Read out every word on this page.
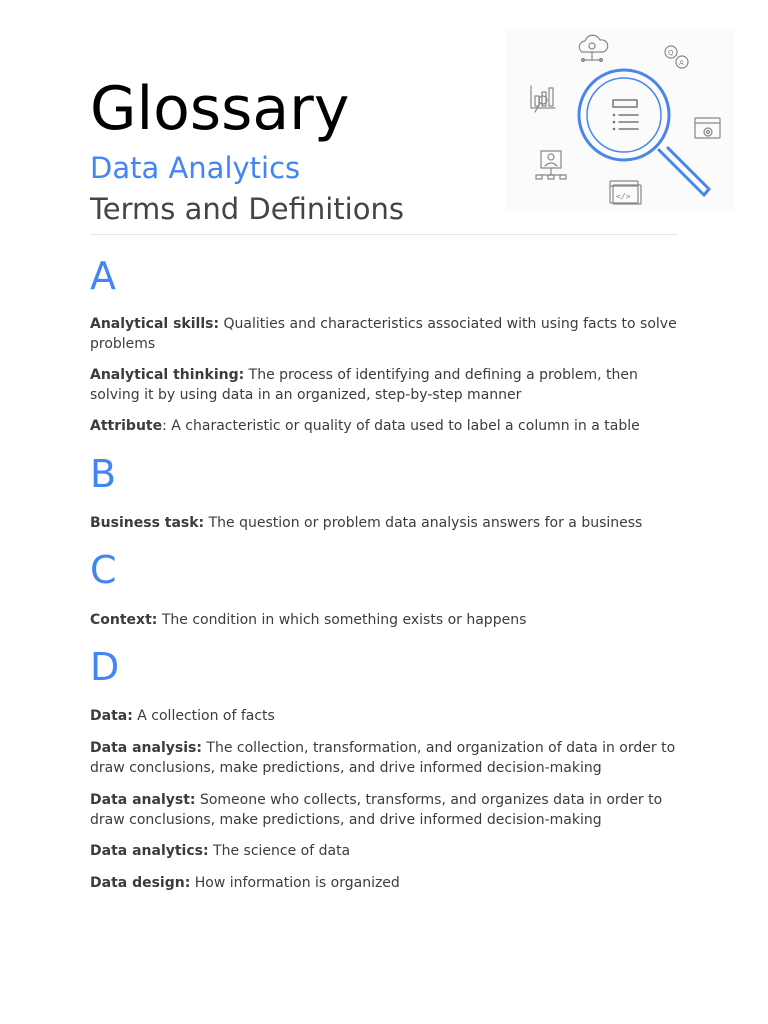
Glossary
Data Analytics
Terms and Definitions
Q
A
</>
A

Analytical skills: Qualities and characteristics associated with using facts to solve problems

Analytical thinking: The process of identifying and defining a problem, then solving it by using data in an organized, step-by-step manner

Attribute: A characteristic or quality of data used to label a column in a table

B

Business task: The question or problem data analysis answers for a business

C

Context: The condition in which something exists or happens

D

Data: A collection of facts

Data analysis: The collection, transformation, and organization of data in order to draw conclusions, make predictions, and drive informed decision-making

Data analyst: Someone who collects, transforms, and organizes data in order to draw conclusions, make predictions, and drive informed decision-making

Data analytics: The science of data

Data design: How information is organized
